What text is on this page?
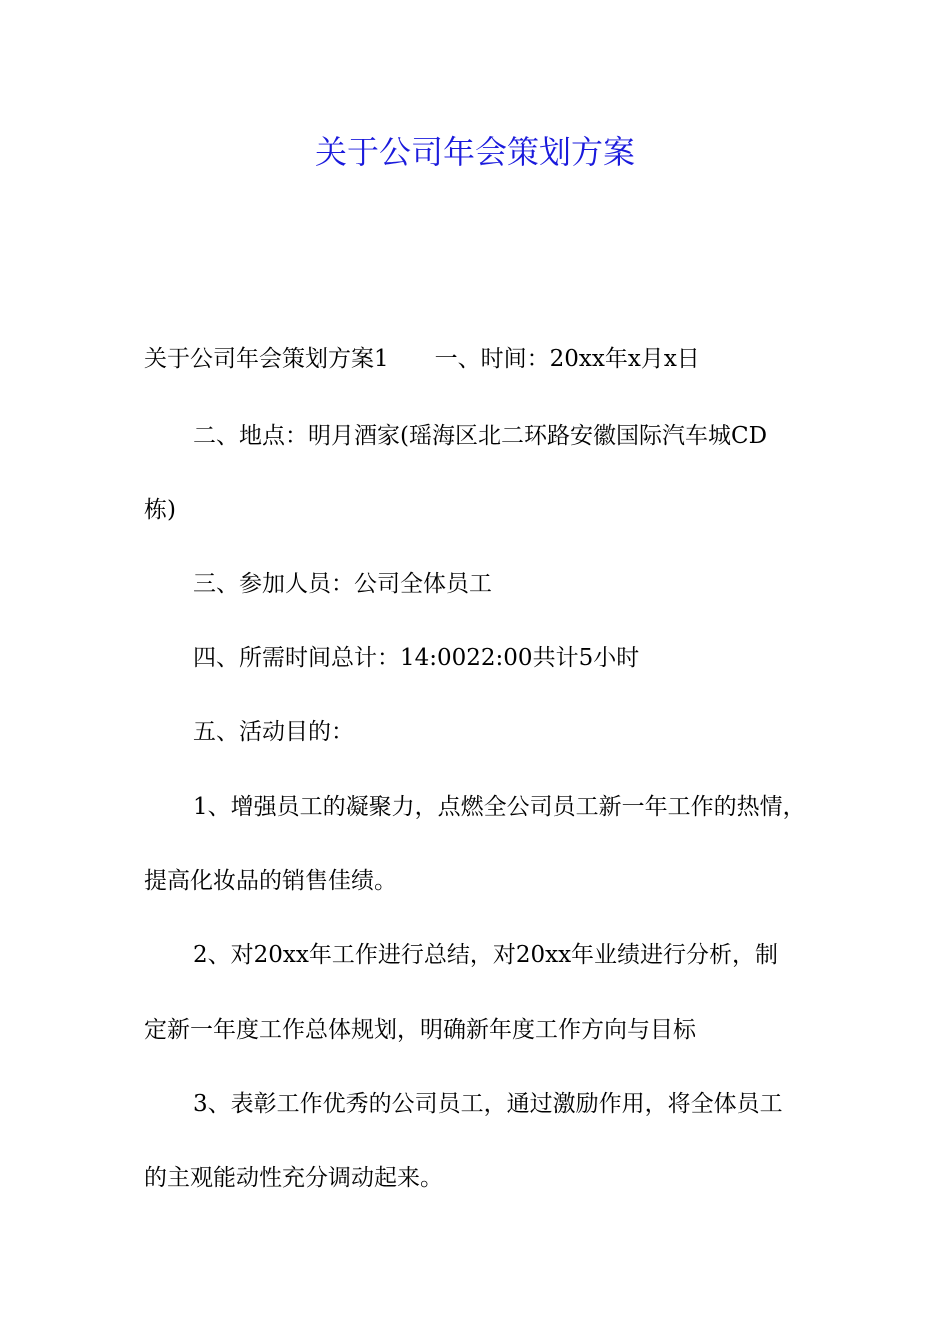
关于公司年会策划方案
关于公司年会策划方案1　　一、时间：20xx年x月x日
二、地点：明月酒家(瑶海区北二环路安徽国际汽车城CD
栋)
三、参加人员：公司全体员工
四、所需时间总计：14:0022:00共计5小时
五、活动目的：
1、增强员工的凝聚力，点燃全公司员工新一年工作的热情，
提高化妆品的销售佳绩。
2、对20xx年工作进行总结，对20xx年业绩进行分析，制
定新一年度工作总体规划，明确新年度工作方向与目标
3、表彰工作优秀的公司员工，通过激励作用，将全体员工
的主观能动性充分调动起来。
